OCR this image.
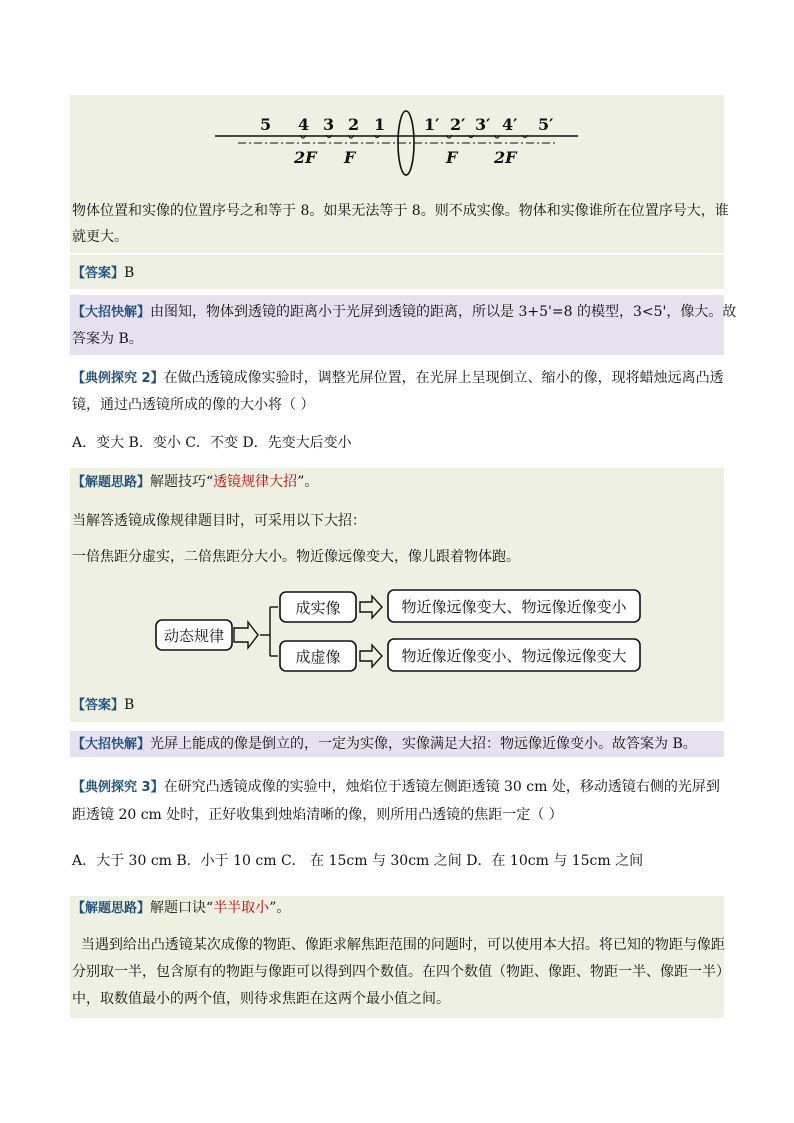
5 4 3 2 1 1′ 2′ 3′ 4′ 5′
2F F	F 2F
物体位置和实像的位置序号之和等于 8。如果无法等于 8。则不成实像。物体和实像谁所在位置序号大，谁
就更大。
【答案】B
【大招快解】由图知，物体到透镜的距离小于光屏到透镜的距离，所以是 3+5'=8 的模型，3<5'，像大。故
答案为 B。
【典例探究 2】在做凸透镜成像实验时，调整光屏位置，在光屏上呈现倒立、缩小的像，现将蜡烛远离凸透
镜，通过凸透镜所成的像的大小将（ ）
A．变大 B．变小 C．不变 D．先变大后变小
【解题思路】解题技巧“透镜规律大招”。
当解答透镜成像规律题目时，可采用以下大招：
一倍焦距分虚实，二倍焦距分大小。物近像远像变大，像儿跟着物体跑。
动态规律
成实像
成虚像
物近像远像变大、物远像近像变小
物近像近像变小、物远像远像变大
【答案】B
【大招快解】光屏上能成的像是倒立的，一定为实像，实像满足大招：物远像近像变小。故答案为 B。
【典例探究 3】在研究凸透镜成像的实验中，烛焰位于透镜左侧距透镜 30 cm 处，移动透镜右侧的光屏到
距透镜 20 cm 处时，正好收集到烛焰清晰的像，则所用凸透镜的焦距一定（ ）
A．大于 30 cm B．小于 10 cm C． 在 15cm 与 30cm 之间 D．在 10cm 与 15cm 之间
【解题思路】解题口诀“半半取小”。
当遇到给出凸透镜某次成像的物距、像距求解焦距范围的问题时，可以使用本大招。将已知的物距与像距
分别取一半，包含原有的物距与像距可以得到四个数值。在四个数值（物距、像距、物距一半、像距一半）
中，取数值最小的两个值，则待求焦距在这两个最小值之间。
